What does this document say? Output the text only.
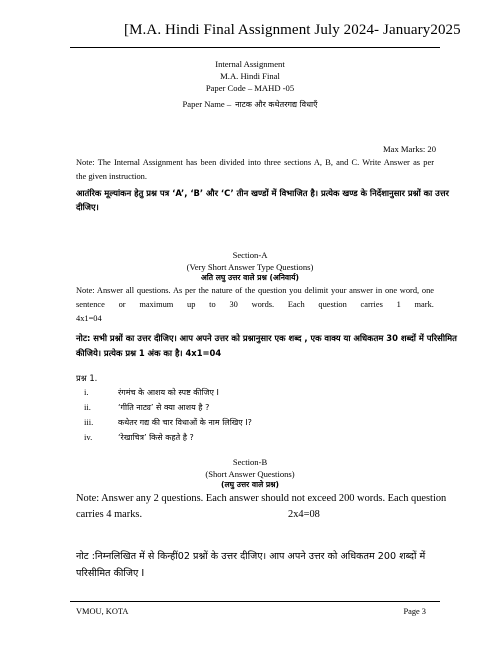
[M.A. Hindi Final Assignment July 2024- January2025
Internal Assignment
M.A. Hindi Final
Paper Code – MAHD -05
Paper Name – नाटक और कथेतरगद्य विधाएँ
Max Marks: 20
Note: The Internal Assignment has been divided into three sections A, B, and C. Write Answer as per
the given instruction.
आतंरिक मूल्यांकन हेतु प्रश्न पत्र ‘A’, ‘B’ और ‘C’ तीन खण्डों में विभाजित है। प्रत्येक खण्ड के निर्देशानुसार प्रश्नों का उत्तर
दीजिए।
Section-A
(Very Short Answer Type Questions)
अति लघु उत्तर वाले प्रश्न (अनिवार्य)
Note: Answer all questions. As per the nature of the question you delimit your answer in one word, one
sentence or maximum up to 30 words. Each question carries 1 mark.
4x1=04
नोट: सभी प्रश्नों का उत्तर दीजिए। आप अपने उत्तर को प्रश्नानुसार एक शब्द , एक वाक्य या अधिकतम 30 शब्दों में परिसीमित
कीजिये। प्रत्येक प्रश्न 1 अंक का है। 4x1=04
प्रश्न 1.
i.	रंगमंच के आशय को स्पष्ट कीजिए I
ii.	‘गीति नाट्य’ से क्या आशय है ?
iii.	कथेतर गद्य की चार विधाओं के नाम लिखिए I?
iv.	‘रेखाचित्र’ किसे कहते है ?
Section-B
(Short Answer Questions)
(लघु उत्तर वाले प्रश्न)
Note: Answer any 2 questions. Each answer should not exceed 200 words. Each question
carries 4 marks.	2x4=08
नोट :निम्नलिखित में से किन्हीं02 प्रश्नों के उत्तर दीजिए। आप अपने उत्तर को अधिकतम 200 शब्दों में
परिसीमित कीजिए I
VMOU, KOTA	Page 3
